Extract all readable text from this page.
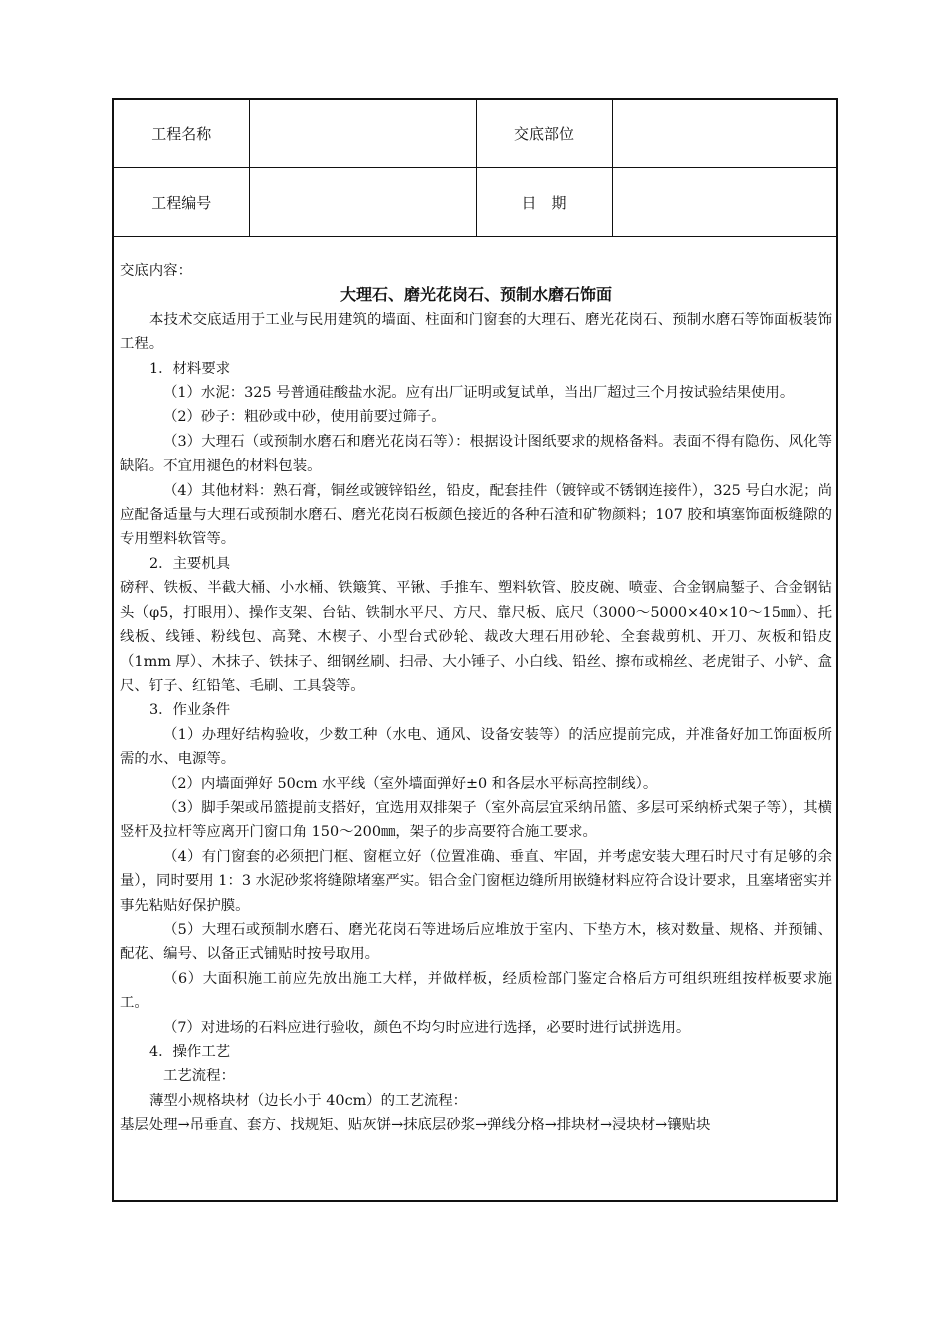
工程名称		交底部位	
工程编号		日　期	

交底内容：

大理石、磨光花岗石、预制水磨石饰面

本技术交底适用于工业与民用建筑的墙面、柱面和门窗套的大理石、磨光花岗石、预制水磨石等饰面板装饰工程。

1．材料要求

（1）水泥：325 号普通硅酸盐水泥。应有出厂证明或复试单，当出厂超过三个月按试验结果使用。

（2）砂子：粗砂或中砂，使用前要过筛子。

（3）大理石（或预制水磨石和磨光花岗石等）：根据设计图纸要求的规格备料。表面不得有隐伤、风化等缺陷。不宜用褪色的材料包装。

（4）其他材料：熟石膏，铜丝或镀锌铅丝，铅皮，配套挂件（镀锌或不锈钢连接件），325 号白水泥；尚应配备适量与大理石或预制水磨石、磨光花岗石板颜色接近的各种石渣和矿物颜料；107 胶和填塞饰面板缝隙的专用塑料软管等。

2．主要机具

磅秤、铁板、半截大桶、小水桶、铁簸箕、平锹、手推车、塑料软管、胶皮碗、喷壶、合金钢扁錾子、合金钢钻头（φ5，打眼用）、操作支架、台钻、铁制水平尺、方尺、靠尺板、底尺（3000～5000×40×10～15㎜）、托线板、线锤、粉线包、高凳、木楔子、小型台式砂轮、裁改大理石用砂轮、全套裁剪机、开刀、灰板和铅皮（1mm 厚）、木抹子、铁抹子、细钢丝刷、扫帚、大小锤子、小白线、铅丝、擦布或棉丝、老虎钳子、小铲、盒尺、钉子、红铅笔、毛刷、工具袋等。

3．作业条件

（1）办理好结构验收，少数工种（水电、通风、设备安装等）的活应提前完成，并准备好加工饰面板所需的水、电源等。

（2）内墙面弹好 50cm 水平线（室外墙面弹好±0 和各层水平标高控制线）。

（3）脚手架或吊篮提前支搭好，宜选用双排架子（室外高层宜采纳吊篮、多层可采纳桥式架子等），其横竖杆及拉杆等应离开门窗口角 150～200㎜，架子的步高要符合施工要求。

（4）有门窗套的必须把门框、窗框立好（位置准确、垂直、牢固，并考虑安装大理石时尺寸有足够的余量），同时要用 1：3 水泥砂浆将缝隙堵塞严实。铝合金门窗框边缝所用嵌缝材料应符合设计要求，且塞堵密实并事先粘贴好保护膜。

（5）大理石或预制水磨石、磨光花岗石等进场后应堆放于室内、下垫方木，核对数量、规格、并预铺、配花、编号、以备正式铺贴时按号取用。

（6）大面积施工前应先放出施工大样，并做样板，经质检部门鉴定合格后方可组织班组按样板要求施工。

（7）对进场的石料应进行验收，颜色不均匀时应进行选择，必要时进行试拼选用。

4．操作工艺

工艺流程：

薄型小规格块材（边长小于 40cm）的工艺流程：

基层处理→吊垂直、套方、找规矩、贴灰饼→抹底层砂浆→弹线分格→排块材→浸块材→镶贴块
